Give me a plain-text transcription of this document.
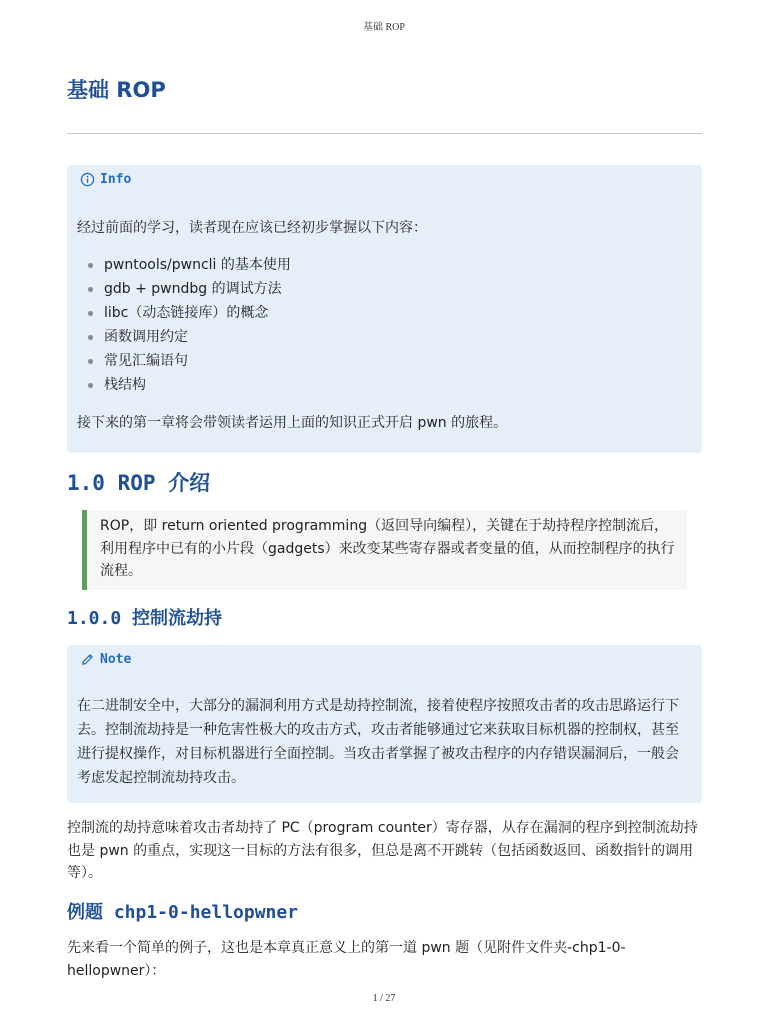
基础 ROP
基础 ROP
Info
经过前面的学习，读者现在应该已经初步掌握以下内容：
pwntools/pwncli 的基本使用
gdb + pwndbg 的调试方法
libc（动态链接库）的概念
函数调用约定
常见汇编语句
栈结构
接下来的第一章将会带领读者运用上面的知识正式开启 pwn 的旅程。
1.0 ROP 介绍
ROP，即 return oriented programming（返回导向编程），关键在于劫持程序控制流后，利用程序中已有的小片段（gadgets）来改变某些寄存器或者变量的值，从而控制程序的执行流程。
1.0.0 控制流劫持
Note
在二进制安全中，大部分的漏洞利用方式是劫持控制流，接着使程序按照攻击者的攻击思路运行下去。控制流劫持是一种危害性极大的攻击方式，攻击者能够通过它来获取目标机器的控制权，甚至进行提权操作，对目标机器进行全面控制。当攻击者掌握了被攻击程序的内存错误漏洞后，一般会考虑发起控制流劫持攻击。
控制流的劫持意味着攻击者劫持了 PC（program counter）寄存器，从存在漏洞的程序到控制流劫持也是 pwn 的重点，实现这一目标的方法有很多，但总是离不开跳转（包括函数返回、函数指针的调用等）。
例题 chp1-0-hellopwner
先来看一个简单的例子，这也是本章真正意义上的第一道 pwn 题（见附件文件夹-chp1-0-hellopwner）：
1 / 27
